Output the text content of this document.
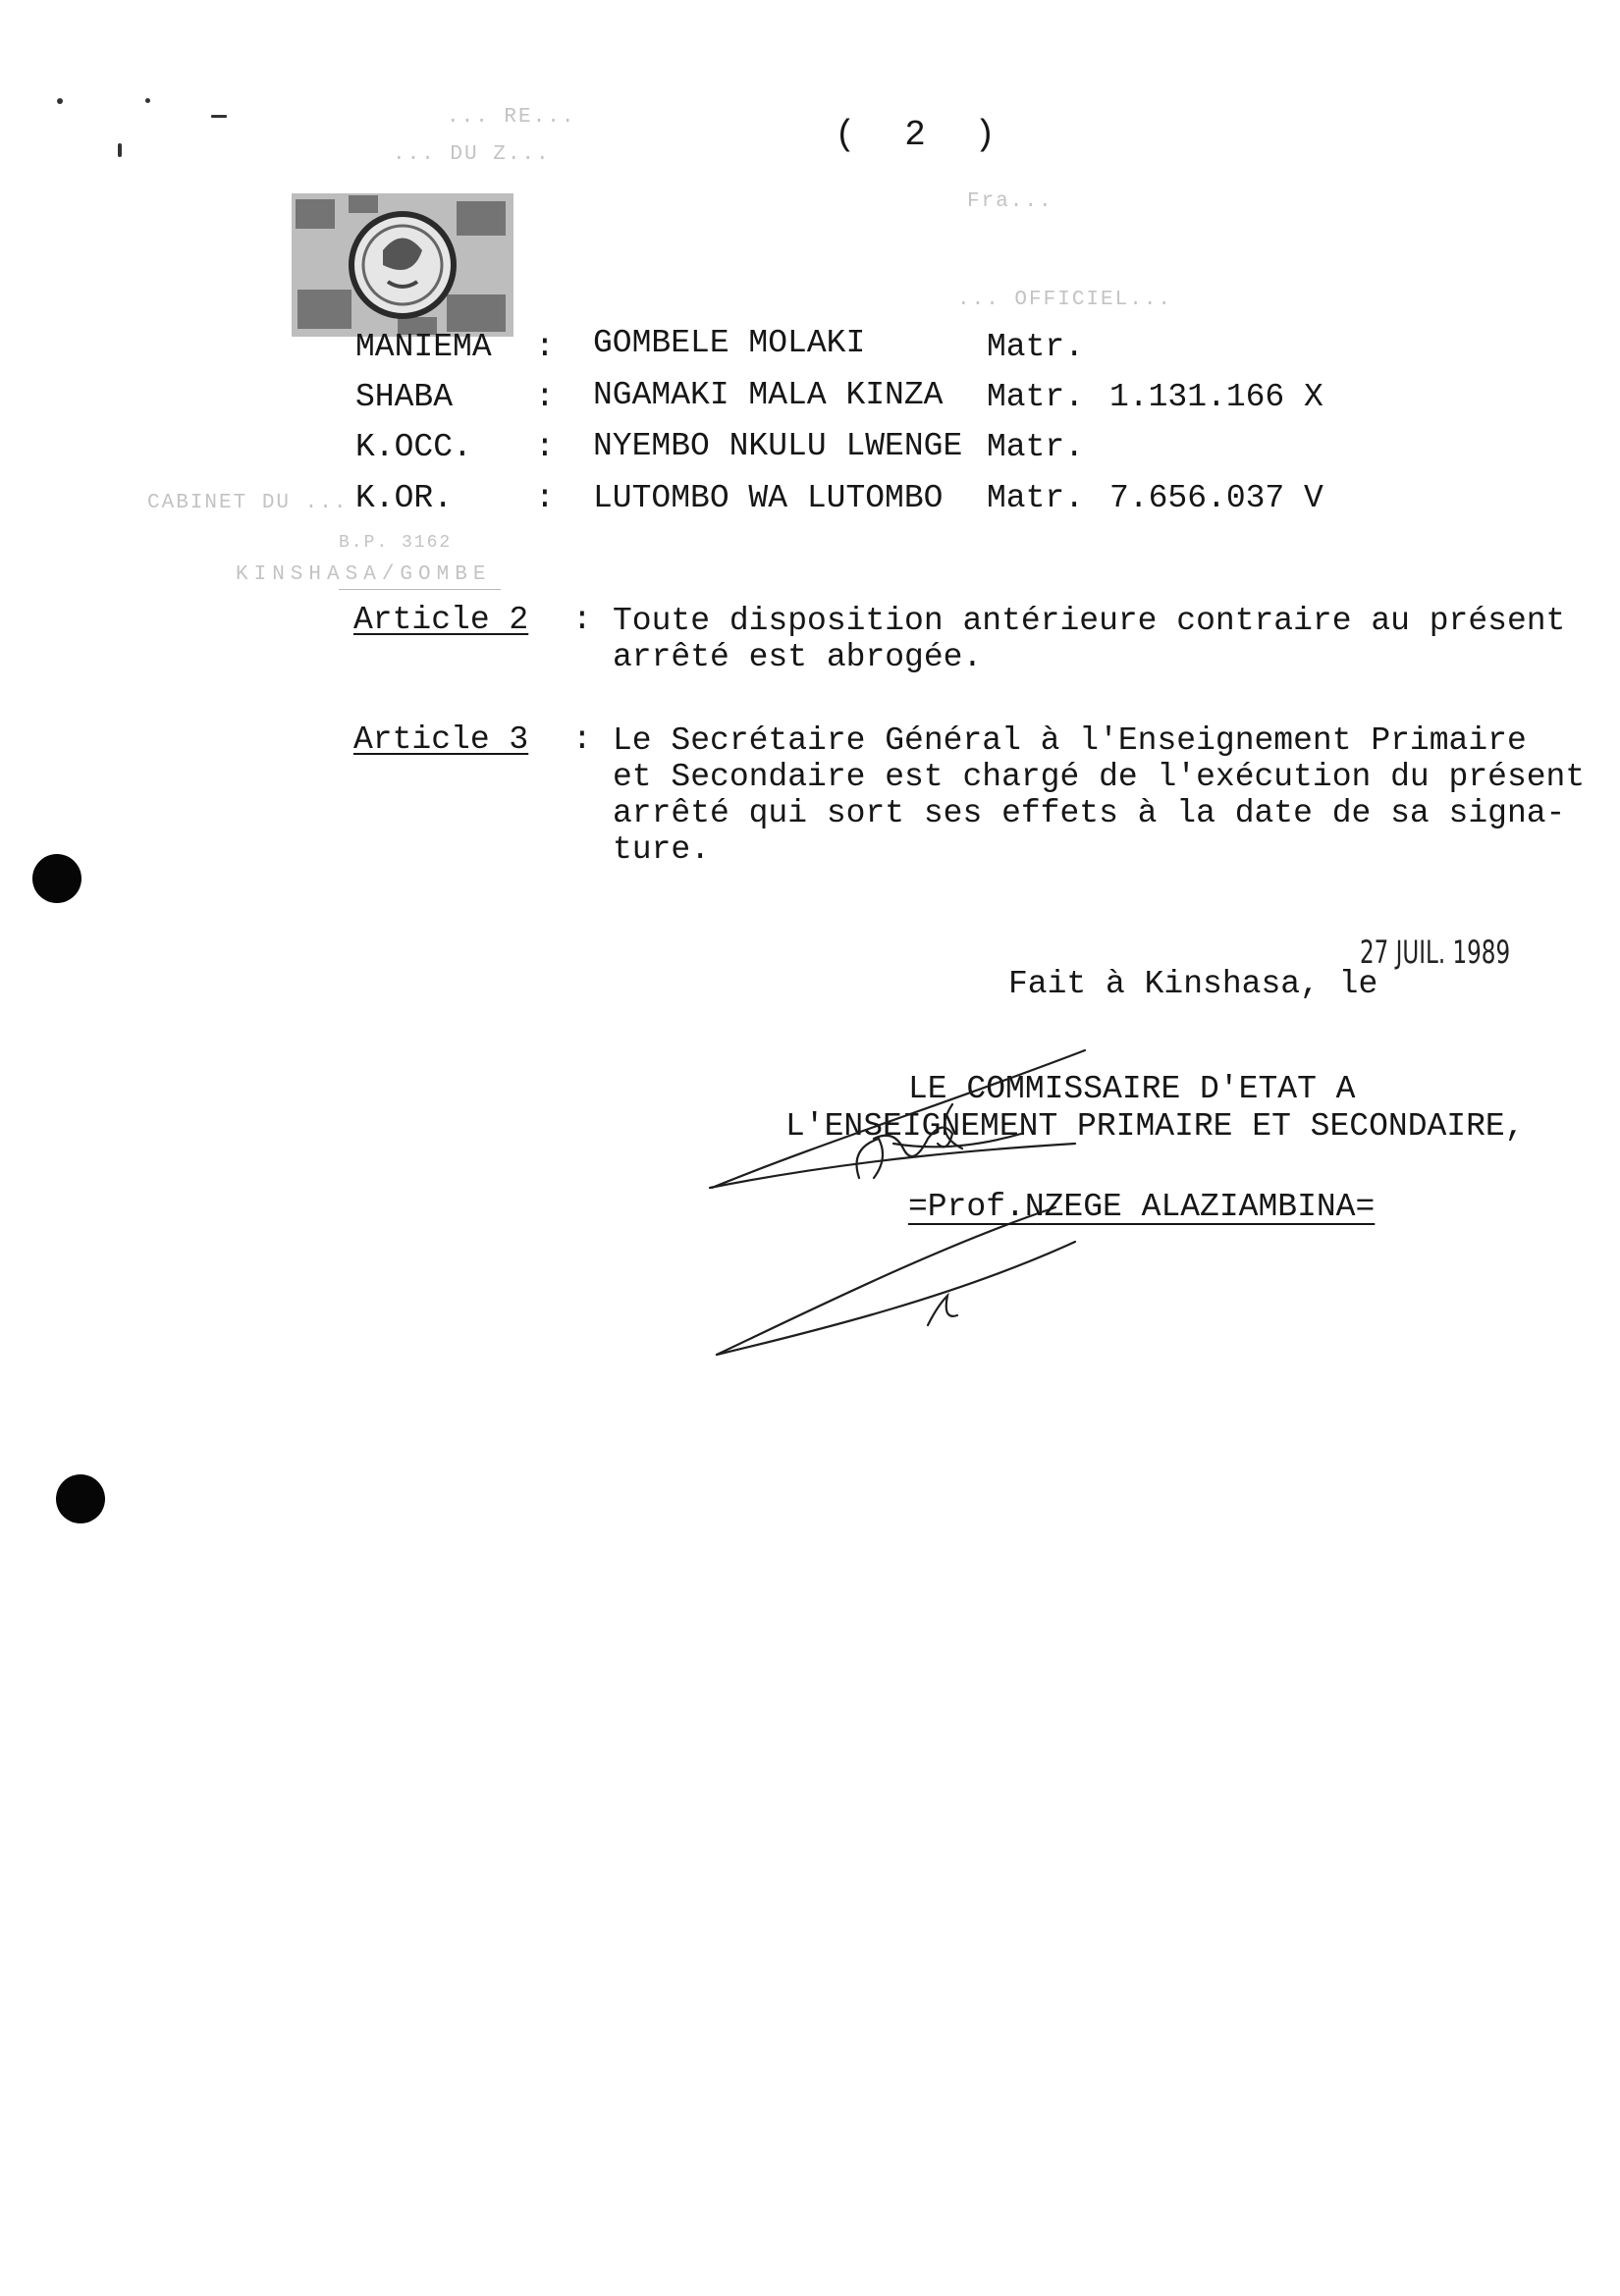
( 2 )
... RE...
... DU Z...
Fra...
... OFFICIEL...
CABINET DU ...
B.P. 3162
KINSHASA/GOMBE
MANIEMA : GOMBELE MOLAKI	Matr.
SHABA	: NGAMAKI MALA KINZA Matr. 1.131.166 X
K.OCC. : NYEMBO NKULU LWENGE Matr.
K.OR.	: LUTOMBO WA LUTOMBO Matr. 7.656.037 V
Article 2 : Toute disposition antérieure contraire au présent
arrêté est abrogée.
Article 3 : Le Secrétaire Général à l'Enseignement Primaire
et Secondaire est chargé de l'exécution du présent
arrêté qui sort ses effets à la date de sa signa-
ture.
Fait à Kinshasa, le
27 JUIL. 1989
LE COMMISSAIRE D'ETAT A
L'ENSEIGNEMENT PRIMAIRE ET SECONDAIRE,
=Prof.NZEGE ALAZIAMBINA=
